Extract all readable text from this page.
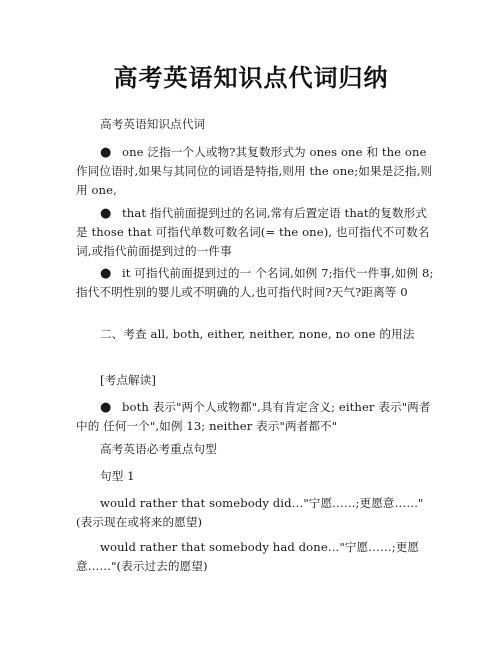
高考英语知识点代词归纳
高考英语知识点代词
● one 泛指一个人或物?其复数形式为 ones one 和 the one 作同位语时,如果与其同位的词语是特指,则用 the one;如果是泛指,则用 one,
● that 指代前面提到过的名词,常有后置定语 that的复数形式是 those that 可指代单数可数名词(= the one), 也可指代不可数名词,或指代前面提到过的一件事
● it 可指代前面提到过的一 个名词,如例 7;指代一件事,如例 8;指代不明性别的婴儿或不明确的人,也可指代时间?天气?距离等 0
二、考查 all, both, either, neither, none, no one 的用法
[考点解读]
● both 表示"两个人或物都",具有肯定含义; either 表示"两者中的 任何一个",如例 13; neither 表示"两者都不"
高考英语必考重点句型
句型 1
would rather that somebody did…"宁愿……;更愿意……"(表示现在或将来的愿望)
would rather that somebody had done…"宁愿……;更愿意……"(表示过去的愿望)
